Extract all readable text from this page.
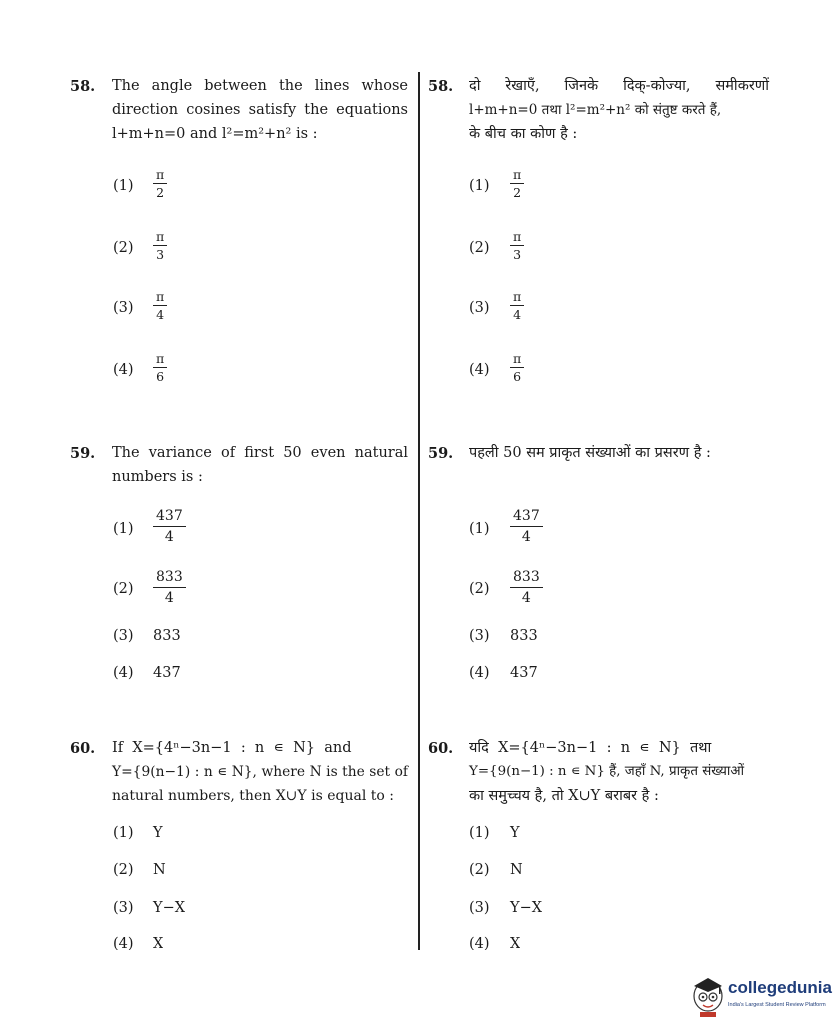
58. The angle between the lines whose
direction cosines satisfy the equations
l+m+n=0 and l²=m²+n² is :
(1)
π
2
(2)
π
3
(3)
π
4
(4)
π
6
58. दो रेखाएँ, जिनके दिक्-कोज्या, समीकरणों
l+m+n=0 तथा l²=m²+n² को संतुष्ट करते हैं,
के बीच का कोण है :
(1)
π
2
(2)
π
3
(3)
π
4
(4)
π
6
59. The variance of first 50 even natural
numbers is :
(1)
437
4
(2)
833
4
(3) 833
(4) 437
59. पहली 50 सम प्राकृत संख्याओं का प्रसरण है :
(1)
437
4
(2)
833
4
(3) 833
(4) 437
60. If  X={4ⁿ−3n−1  :  n  ∊  N}  and
Y={9(n−1) : n ∊ N}, where N is the set of
natural numbers, then X∪Y is equal to :
(1) Y
(2) N
(3) Y−X
(4) X
60. यदि  X={4ⁿ−3n−1  :  n  ∊  N}  तथा
Y={9(n−1) : n ∊ N} हैं, जहाँ N, प्राकृत संख्याओं
का समुच्चय है, तो X∪Y बराबर है :
(1) Y
(2) N
(3) Y−X
(4) X
collegedunia
India's Largest Student Review Platform
